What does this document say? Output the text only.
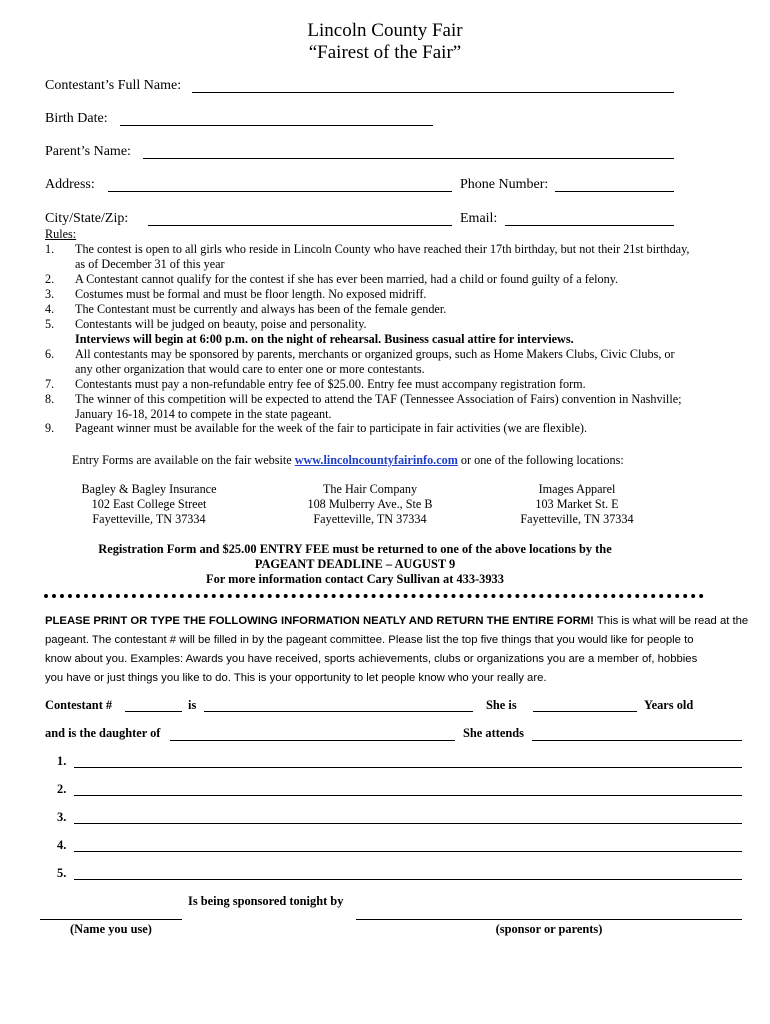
Lincoln County Fair
“Fairest of the Fair”
Contestant’s Full Name:
Birth Date:
Parent’s Name:
Address:	Phone Number:
City/State/Zip:	Email:
Rules:
1. The contest is open to all girls who reside in Lincoln County who have reached their 17th birthday, but not their 21st birthday, as of December 31 of this year
2. A Contestant cannot qualify for the contest if she has ever been married, had a child or found guilty of a felony.
3. Costumes must be formal and must be floor length. No exposed midriff.
4. The Contestant must be currently and always has been of the female gender.
5. Contestants will be judged on beauty, poise and personality.
Interviews will begin at 6:00 p.m. on the night of rehearsal. Business casual attire for interviews.
6. All contestants may be sponsored by parents, merchants or organized groups, such as Home Makers Clubs, Civic Clubs, or any other organization that would care to enter one or more contestants.
7. Contestants must pay a non-refundable entry fee of $25.00. Entry fee must accompany registration form.
8. The winner of this competition will be expected to attend the TAF (Tennessee Association of Fairs) convention in Nashville; January 16-18, 2014 to compete in the state pageant.
9. Pageant winner must be available for the week of the fair to participate in fair activities (we are flexible).
Entry Forms are available on the fair website www.lincolncountyfairinfo.com or one of the following locations:
Bagley & Bagley Insurance
102 East College Street
Fayetteville, TN 37334
The Hair Company
108 Mulberry Ave., Ste B
Fayetteville, TN 37334
Images Apparel
103 Market St. E
Fayetteville, TN 37334
Registration Form and $25.00 ENTRY FEE must be returned to one of the above locations by the
PAGEANT DEADLINE – AUGUST 9
For more information contact Cary Sullivan at 433-3933
PLEASE PRINT OR TYPE THE FOLLOWING INFORMATION NEATLY AND RETURN THE ENTIRE FORM! This is what will be read at the
pageant. The contestant # will be filled in by the pageant committee. Please list the top five things that you would like for people to
know about you. Examples: Awards you have received, sports achievements, clubs or organizations you are a member of, hobbies
you have or just things you like to do. This is your opportunity to let people know who your really are.
Contestant #	is	She is	Years old
and is the daughter of	She attends
1.
2.
3.
4.
5.
Is being sponsored tonight by
(Name you use)	(sponsor or parents)
